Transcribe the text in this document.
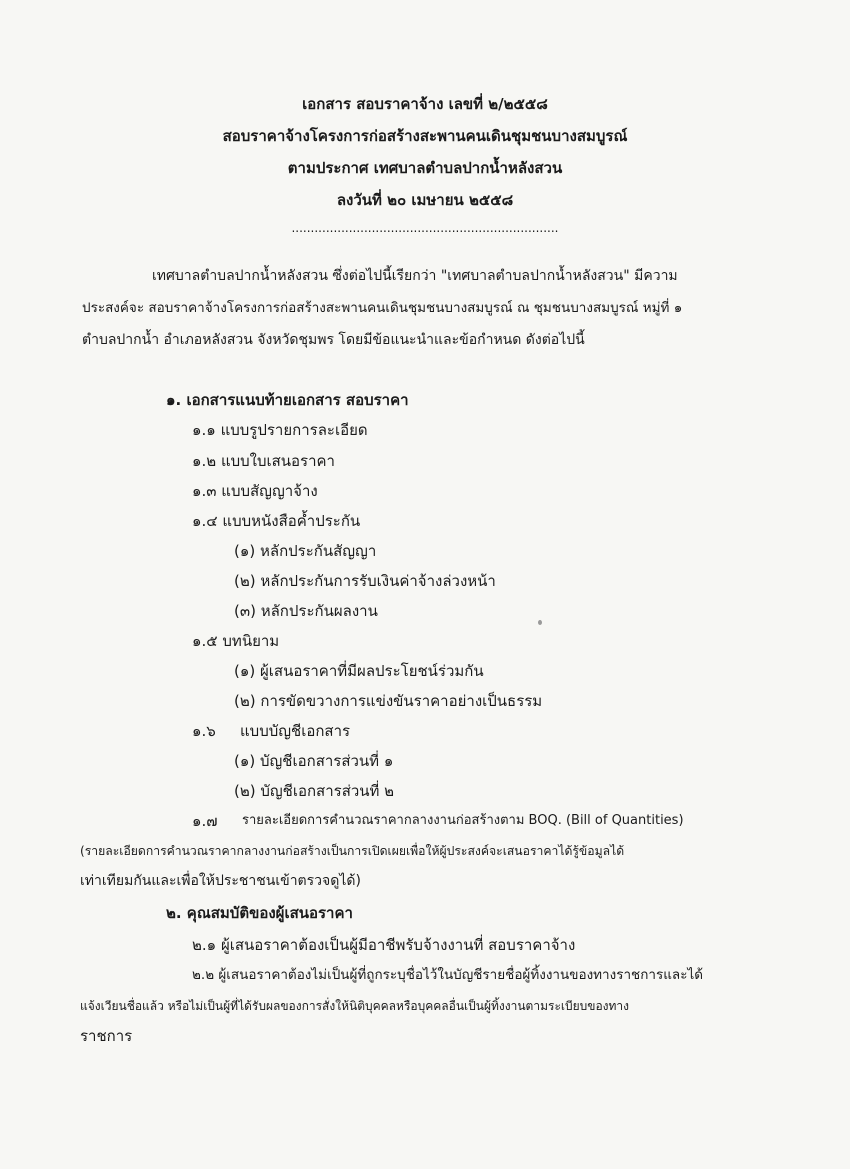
เอกสาร สอบราคาจ้าง เลขที่ ๒/๒๕๕๘
สอบราคาจ้างโครงการก่อสร้างสะพานคนเดินชุมชนบางสมบูรณ์
ตามประกาศ เทศบาลตำบลปากน้ำหลังสวน
ลงวันที่ ๒๐ เมษายน ๒๕๕๘
......................................................................
เทศบาลตำบลปากน้ำหลังสวน ซึ่งต่อไปนี้เรียกว่า "เทศบาลตำบลปากน้ำหลังสวน" มีความ
ประสงค์จะ สอบราคาจ้างโครงการก่อสร้างสะพานคนเดินชุมชนบางสมบูรณ์ ณ ชุมชนบางสมบูรณ์ หมู่ที่ ๑
ตำบลปากน้ำ อำเภอหลังสวน จังหวัดชุมพร โดยมีข้อแนะนำและข้อกำหนด ดังต่อไปนี้
๑. เอกสารแนบท้ายเอกสาร สอบราคา
๑.๑ แบบรูปรายการละเอียด
๑.๒ แบบใบเสนอราคา
๑.๓ แบบสัญญาจ้าง
๑.๔ แบบหนังสือค้ำประกัน
(๑) หลักประกันสัญญา
(๒) หลักประกันการรับเงินค่าจ้างล่วงหน้า
(๓) หลักประกันผลงาน
๑.๕ บทนิยาม
(๑) ผู้เสนอราคาที่มีผลประโยชน์ร่วมกัน
(๒) การขัดขวางการแข่งขันราคาอย่างเป็นธรรม
๑.๖ แบบบัญชีเอกสาร
(๑) บัญชีเอกสารส่วนที่ ๑
(๒) บัญชีเอกสารส่วนที่ ๒
๑.๗ รายละเอียดการคำนวณราคากลางงานก่อสร้างตาม BOQ. (Bill of Quantities)
(รายละเอียดการคำนวณราคากลางงานก่อสร้างเป็นการเปิดเผยเพื่อให้ผู้ประสงค์จะเสนอราคาได้รู้ข้อมูลได้
เท่าเทียมกันและเพื่อให้ประชาชนเข้าตรวจดูได้)
๒. คุณสมบัติของผู้เสนอราคา
๒.๑ ผู้เสนอราคาต้องเป็นผู้มีอาชีพรับจ้างงานที่ สอบราคาจ้าง
๒.๒ ผู้เสนอราคาต้องไม่เป็นผู้ที่ถูกระบุชื่อไว้ในบัญชีรายชื่อผู้ทิ้งงานของทางราชการและได้
แจ้งเวียนชื่อแล้ว หรือไม่เป็นผู้ที่ได้รับผลของการสั่งให้นิติบุคคลหรือบุคคลอื่นเป็นผู้ทิ้งงานตามระเบียบของทาง
ราชการ
